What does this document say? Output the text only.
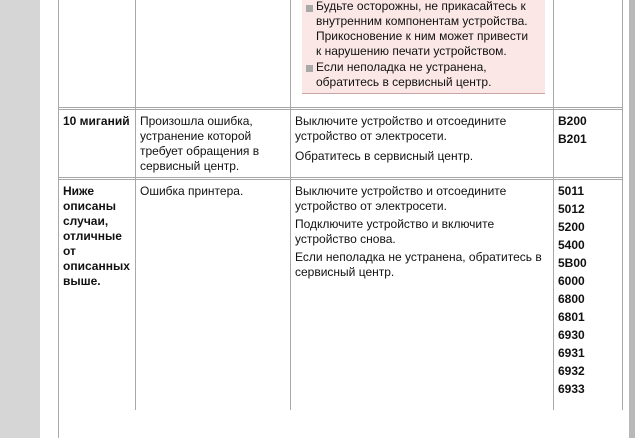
Будьте осторожны, не прикасайтесь к
внутренним компонентам устройства.
Прикосновение к ним может привести
к нарушению печати устройством.
Если неполадка не устранена,
обратитесь в сервисный центр.
10 миганий Произошла ошибка,
устранение которой
требует обращения в
сервисный центр.
Выключите устройство и отсоедините
устройство от электросети.
Обратитесь в сервисный центр.
B200
B201
Ниже
описаны
случаи,
отличные
от
описанных
выше.
Ошибка принтера.	Выключите устройство и отсоедините
устройство от электросети.
Подключите устройство и включите
устройство снова.
Если неполадка не устранена, обратитесь в
сервисный центр.
5011
5012
5200
5400
5B00
6000
6800
6801
6930
6931
6932
6933
